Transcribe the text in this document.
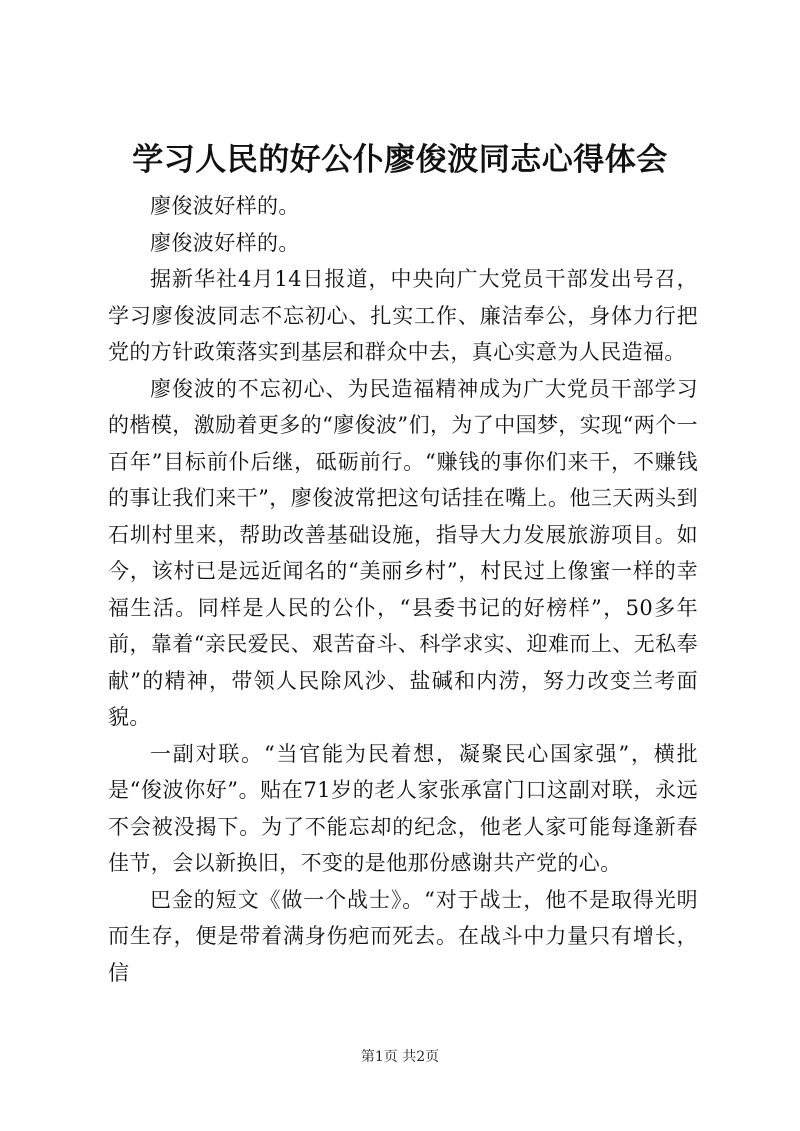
学习人民的好公仆廖俊波同志心得体会

廖俊波好样的。

廖俊波好样的。

据新华社4月14日报道，中央向广大党员干部发出号召，学习廖俊波同志不忘初心、扎实工作、廉洁奉公，身体力行把党的方针政策落实到基层和群众中去，真心实意为人民造福。

廖俊波的不忘初心、为民造福精神成为广大党员干部学习的楷模，激励着更多的“廖俊波”们，为了中国梦，实现“两个一百年”目标前仆后继，砥砺前行。“赚钱的事你们来干，不赚钱的事让我们来干”，廖俊波常把这句话挂在嘴上。他三天两头到石圳村里来，帮助改善基础设施，指导大力发展旅游项目。如今，该村已是远近闻名的“美丽乡村”，村民过上像蜜一样的幸福生活。同样是人民的公仆，“县委书记的好榜样”，50多年前，靠着“亲民爱民、艰苦奋斗、科学求实、迎难而上、无私奉献”的精神，带领人民除风沙、盐碱和内涝，努力改变兰考面貌。

一副对联。“当官能为民着想，凝聚民心国家强”，横批是“俊波你好”。贴在71岁的老人家张承富门口这副对联，永远不会被没揭下。为了不能忘却的纪念，他老人家可能每逢新春佳节，会以新换旧，不变的是他那份感谢共产党的心。

巴金的短文《做一个战士》。“对于战士，他不是取得光明而生存，便是带着满身伤疤而死去。在战斗中力量只有增长，信

第1页 共2页
